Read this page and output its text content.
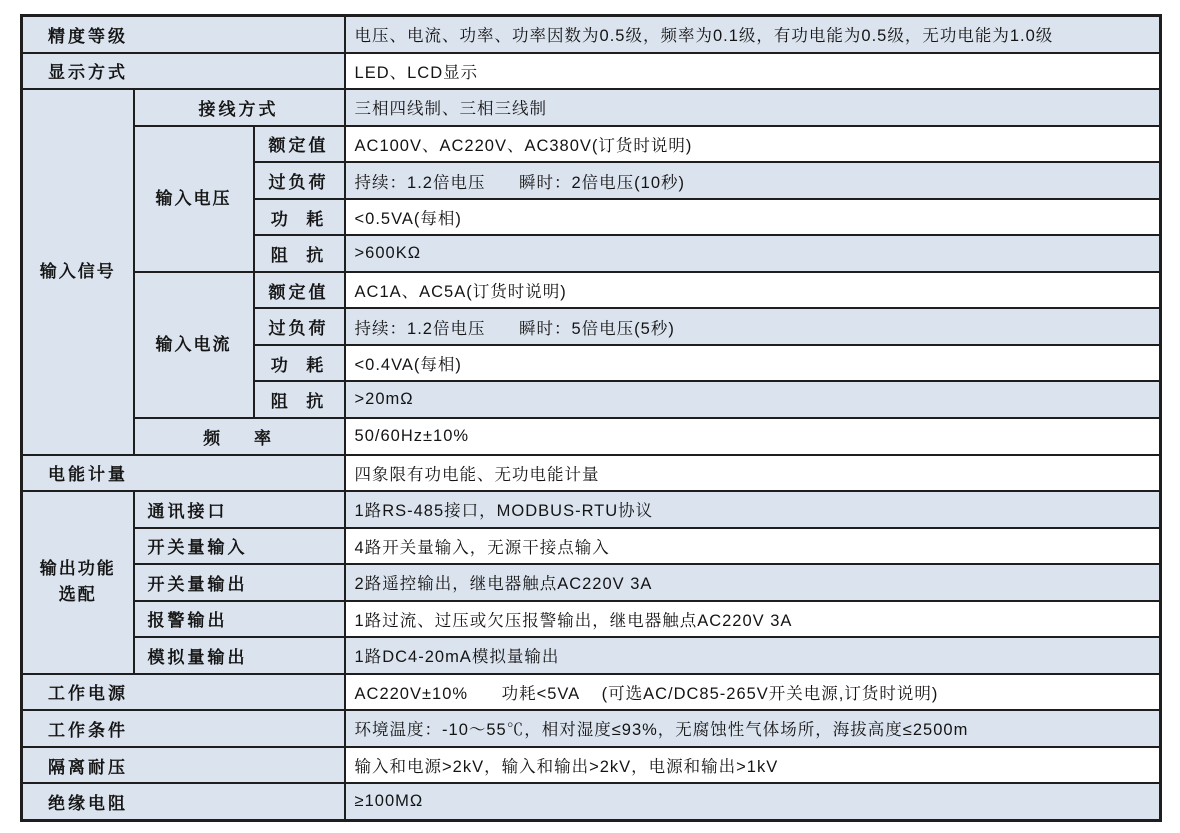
精度等级			电压、电流、功率、功率因数为0.5级，频率为0.1级，有功电能为0.5级，无功电能为1.0级
显示方式			LED、LCD显示
输入信号	接线方式		三相四线制、三相三线制
	输入电压	额定值	AC100V、AC220V、AC380V(订货时说明)
		过负荷	持续：1.2倍电压      瞬时：2倍电压(10秒)
		功  耗	<0.5VA(每相)
		阻  抗	>600KΩ
	输入电流	额定值	AC1A、AC5A(订货时说明)
		过负荷	持续：1.2倍电压      瞬时：5倍电压(5秒)
		功  耗	<0.4VA(每相)
		阻  抗	>20mΩ
	频    率		50/60Hz±10%
电能计量			四象限有功电能、无功电能计量
输出功能 选配	通讯接口		1路RS-485接口，MODBUS-RTU协议
	开关量输入		4路开关量输入，无源干接点输入
	开关量输出		2路遥控输出，继电器触点AC220V 3A
	报警输出		1路过流、过压或欠压报警输出，继电器触点AC220V 3A
	模拟量输出		1路DC4-20mA模拟量输出
工作电源			AC220V±10%      功耗<5VA    (可选AC/DC85-265V开关电源,订货时说明)
工作条件			环境温度：-10～55℃，相对湿度≤93%，无腐蚀性气体场所，海拔高度≤2500m
隔离耐压			输入和电源>2kV，输入和输出>2kV，电源和输出>1kV
绝缘电阻			≥100MΩ
